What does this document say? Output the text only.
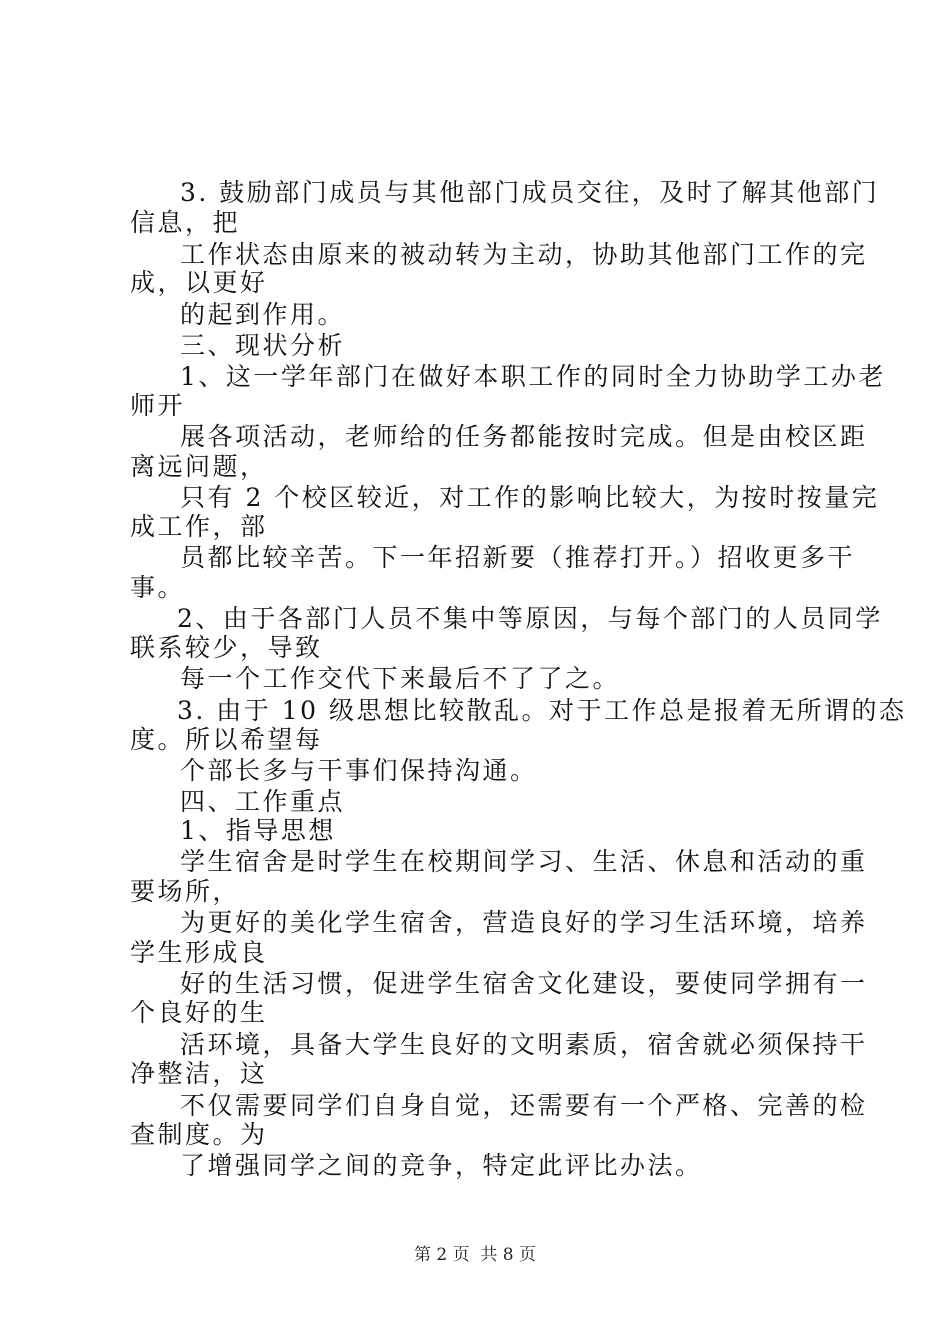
3. 鼓励部门成员与其他部门成员交往，及时了解其他部门
信息，把
工作状态由原来的被动转为主动，协助其他部门工作的完
成，以更好
的起到作用。
三、现状分析
1、这一学年部门在做好本职工作的同时全力协助学工办老
师开
展各项活动，老师给的任务都能按时完成。但是由校区距
离远问题，
只有 2 个校区较近，对工作的影响比较大，为按时按量完
成工作，部
员都比较辛苦。下一年招新要（推荐打开。）招收更多干
事。
2、由于各部门人员不集中等原因，与每个部门的人员同学
联系较少，导致
每一个工作交代下来最后不了了之。
3. 由于 10 级思想比较散乱。对于工作总是报着无所谓的态
度。所以希望每
个部长多与干事们保持沟通。
四、工作重点
1、指导思想
学生宿舍是时学生在校期间学习、生活、休息和活动的重
要场所，
为更好的美化学生宿舍，营造良好的学习生活环境，培养
学生形成良
好的生活习惯，促进学生宿舍文化建设，要使同学拥有一
个良好的生
活环境，具备大学生良好的文明素质，宿舍就必须保持干
净整洁，这
不仅需要同学们自身自觉，还需要有一个严格、完善的检
查制度。为
了增强同学之间的竞争，特定此评比办法。
第 2 页 共 8 页
